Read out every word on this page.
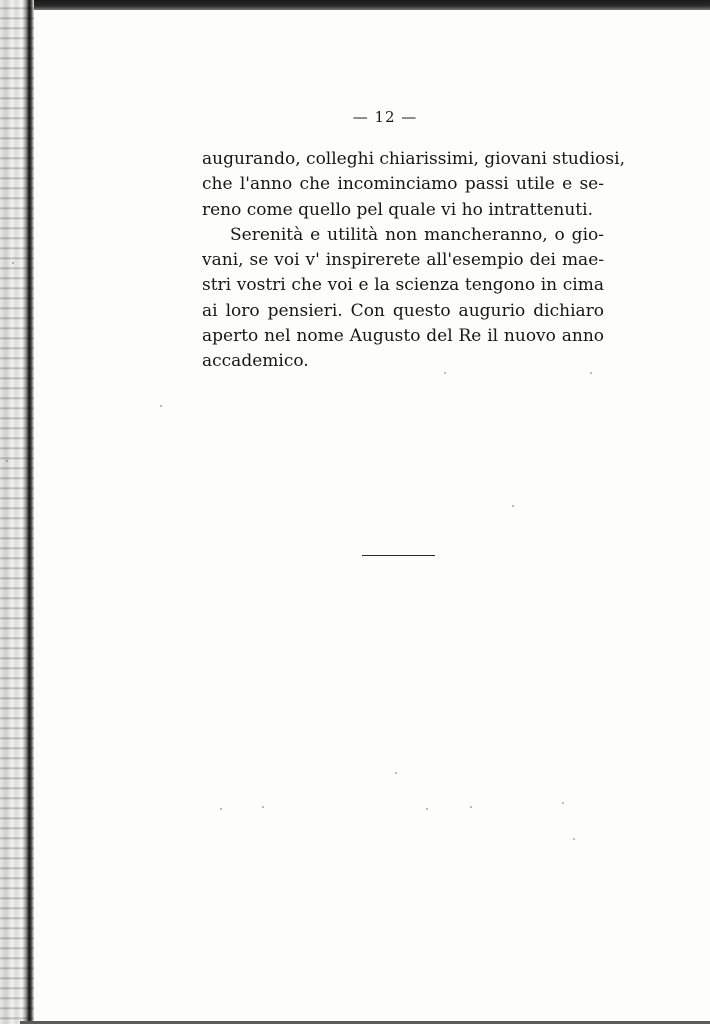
— 12 —
augurando, colleghi chiarissimi, giovani studiosi,
che l'anno che incominciamo passi utile e se-
reno come quello pel quale vi ho intrattenuti.
Serenità e utilità non mancheranno, o gio-
vani, se voi v' inspirerete all'esempio dei mae-
stri vostri che voi e la scienza tengono in cima
ai loro pensieri. Con questo augurio dichiaro
aperto nel nome Augusto del Re il nuovo anno
accademico.
